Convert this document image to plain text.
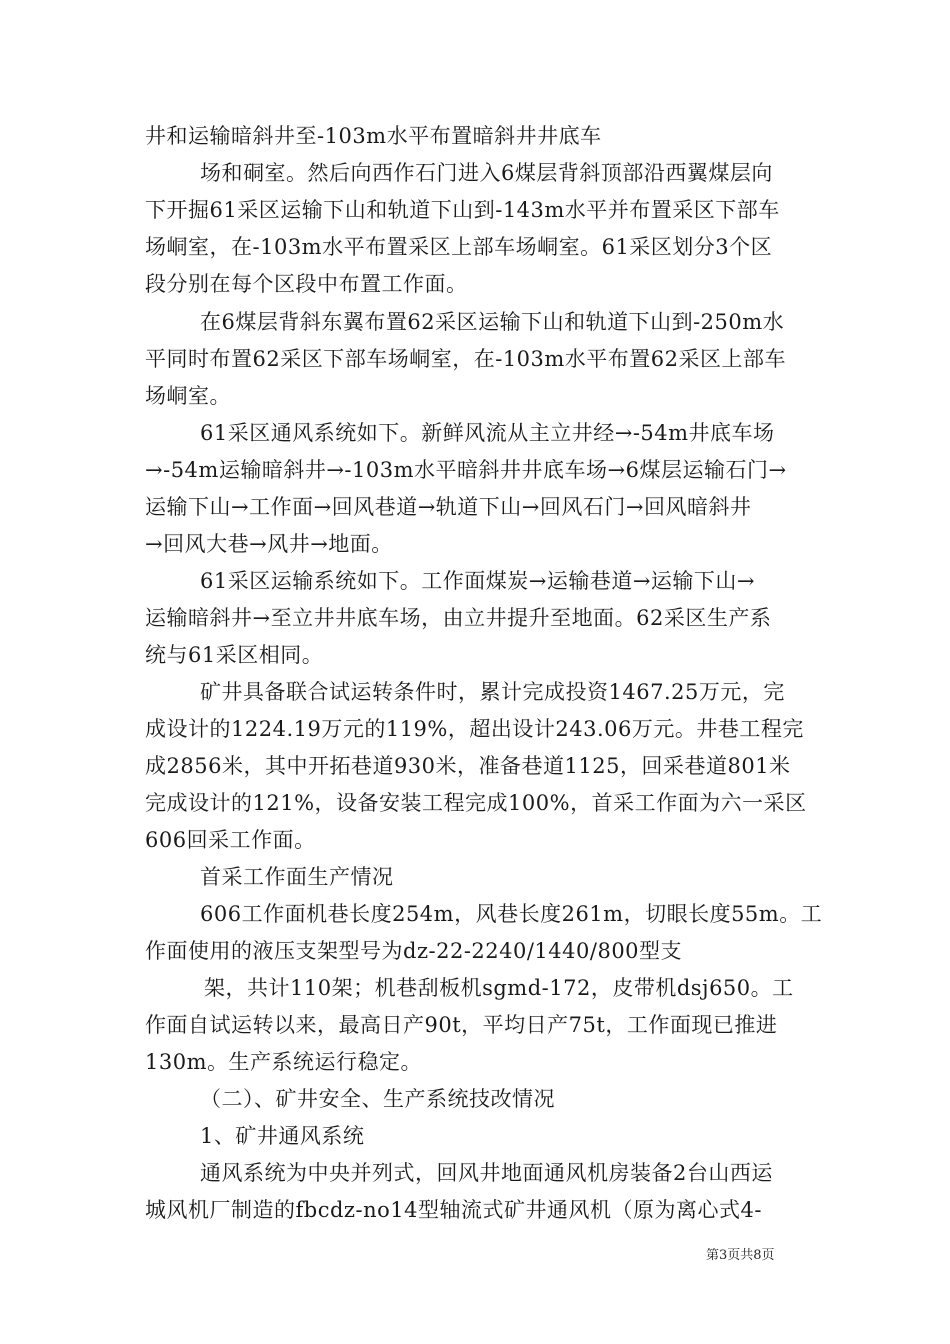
井和运输暗斜井至-103m水平布置暗斜井井底车
场和硐室。然后向西作石门进入6煤层背斜顶部沿西翼煤层向
下开掘61采区运输下山和轨道下山到-143m水平并布置采区下部车
场峒室，在-103m水平布置采区上部车场峒室。61采区划分3个区
段分别在每个区段中布置工作面。
在6煤层背斜东翼布置62采区运输下山和轨道下山到-250m水
平同时布置62采区下部车场峒室，在-103m水平布置62采区上部车
场峒室。
61采区通风系统如下。新鲜风流从主立井经→-54m井底车场
→-54m运输暗斜井→-103m水平暗斜井井底车场→6煤层运输石门→
运输下山→工作面→回风巷道→轨道下山→回风石门→回风暗斜井
→回风大巷→风井→地面。
61采区运输系统如下。工作面煤炭→运输巷道→运输下山→
运输暗斜井→至立井井底车场，由立井提升至地面。62采区生产系
统与61采区相同。
矿井具备联合试运转条件时，累计完成投资1467.25万元，完
成设计的1224.19万元的119%，超出设计243.06万元。井巷工程完
成2856米，其中开拓巷道930米，准备巷道1125，回采巷道801米
完成设计的121%，设备安装工程完成100%，首采工作面为六一采区
606回采工作面。
首采工作面生产情况
606工作面机巷长度254m，风巷长度261m，切眼长度55m。工
作面使用的液压支架型号为dz-22-2240/1440/800型支
架，共计110架；机巷刮板机sgmd-172，皮带机dsj650。工
作面自试运转以来，最高日产90t，平均日产75t，工作面现已推进
130m。生产系统运行稳定。
（二）、矿井安全、生产系统技改情况
1、矿井通风系统
通风系统为中央并列式，回风井地面通风机房装备2台山西运
城风机厂制造的fbcdz-no14型轴流式矿井通风机（原为离心式4-
第3页共8页
